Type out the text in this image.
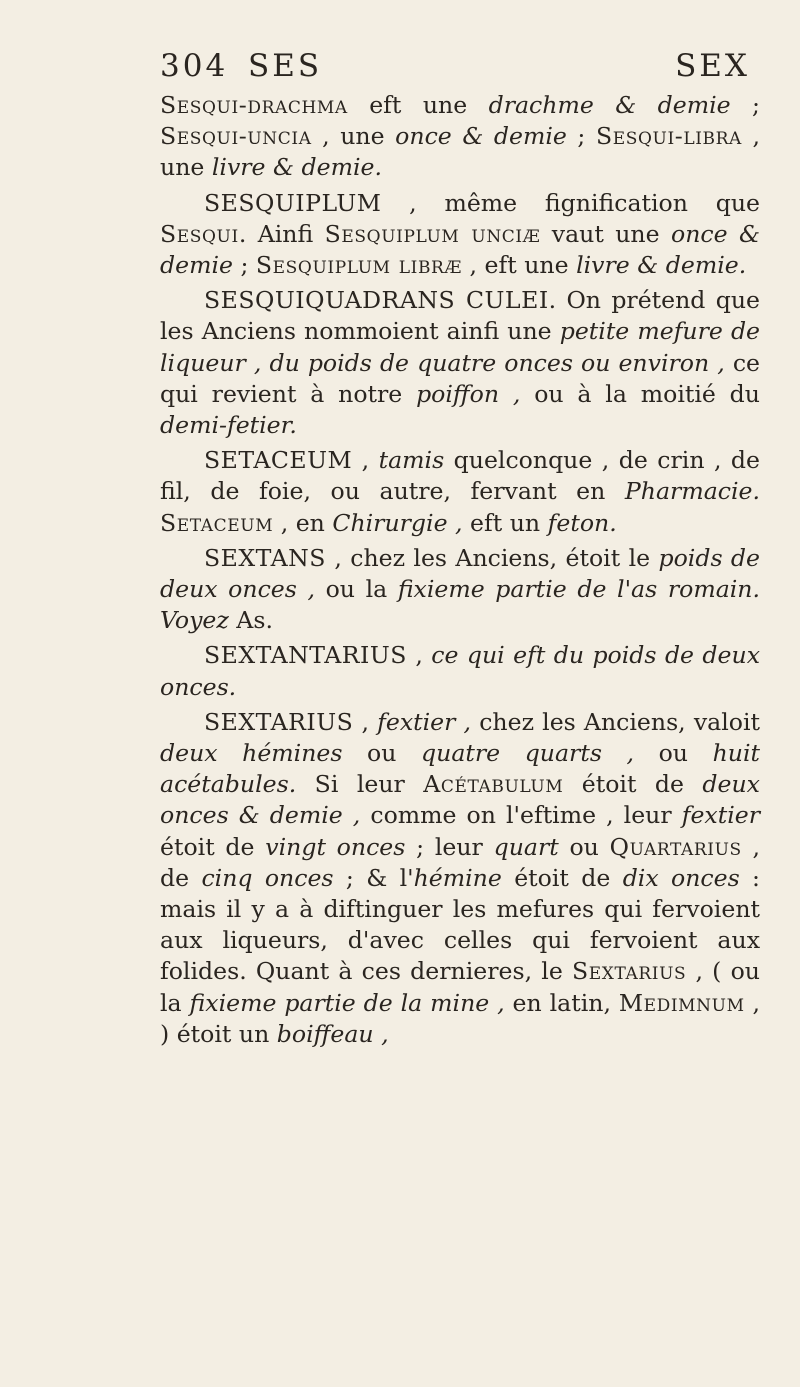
304 SES	SEX

Sesqui-drachma eft une drachme & demie ; Sesqui-uncia , une once & demie ; Sesqui-libra , une livre & demie.

SESQUIPLUM , même fignification que Sesqui. Ainfi Sesquiplum unciæ vaut une once & demie ; Sesquiplum libræ , eft une livre & demie.

SESQUIQUADRANS CULEI. On prétend que les Anciens nommoient ainfi une petite mefure de liqueur , du poids de quatre onces ou environ , ce qui revient à notre poiffon , ou à la moitié du demi-fetier.

SETACEUM , tamis quelconque , de crin , de fil, de foie, ou autre, fervant en Pharmacie. Setaceum , en Chirurgie , eft un feton.

SEXTANS , chez les Anciens, étoit le poids de deux onces , ou la fixieme partie de l'as romain. Voyez As.

SEXTANTARIUS , ce qui eft du poids de deux onces.

SEXTARIUS , fextier , chez les Anciens, valoit deux hémines ou quatre quarts , ou huit acétabules. Si leur Acétabulum étoit de deux onces & demie , comme on l'eftime , leur fextier étoit de vingt onces ; leur quart ou Quartarius , de cinq onces ; & l'hémine étoit de dix onces : mais il y a à diftinguer les mefures qui fervoient aux liqueurs, d'avec celles qui fervoient aux folides. Quant à ces dernieres, le Sextarius , ( ou la fixieme partie de la mine , en latin, Medimnum , ) étoit un boiffeau ,
